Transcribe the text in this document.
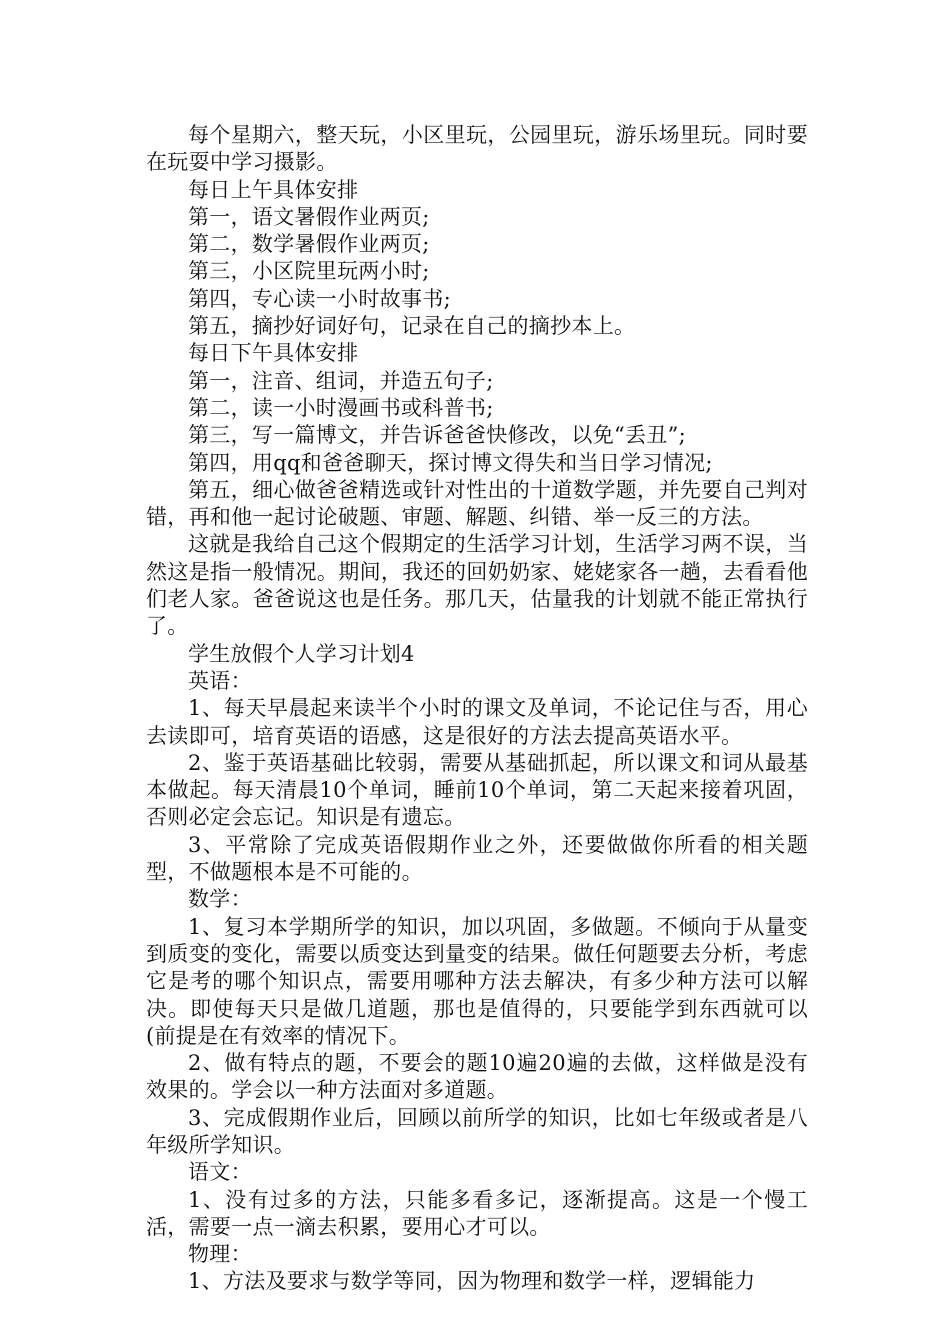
每个星期六，整天玩，小区里玩，公园里玩，游乐场里玩。同时要在玩耍中学习摄影。

每日上午具体安排

第一，语文暑假作业两页;

第二，数学暑假作业两页;

第三，小区院里玩两小时;

第四，专心读一小时故事书;

第五，摘抄好词好句，记录在自己的摘抄本上。

每日下午具体安排

第一，注音、组词，并造五句子;

第二，读一小时漫画书或科普书;

第三，写一篇博文，并告诉爸爸快修改，以免“丢丑”;

第四，用qq和爸爸聊天，探讨博文得失和当日学习情况;

第五，细心做爸爸精选或针对性出的十道数学题，并先要自己判对错，再和他一起讨论破题、审题、解题、纠错、举一反三的方法。

这就是我给自己这个假期定的生活学习计划，生活学习两不误，当然这是指一般情况。期间，我还的回奶奶家、姥姥家各一趟，去看看他们老人家。爸爸说这也是任务。那几天，估量我的计划就不能正常执行了。

学生放假个人学习计划4

英语：

1、每天早晨起来读半个小时的课文及单词，不论记住与否，用心去读即可，培育英语的语感，这是很好的方法去提高英语水平。

2、鉴于英语基础比较弱，需要从基础抓起，所以课文和词从最基本做起。每天清晨10个单词，睡前10个单词，第二天起来接着巩固，否则必定会忘记。知识是有遗忘。

3、平常除了完成英语假期作业之外，还要做做你所看的相关题型，不做题根本是不可能的。

数学：

1、复习本学期所学的知识，加以巩固，多做题。不倾向于从量变到质变的变化，需要以质变达到量变的结果。做任何题要去分析，考虑它是考的哪个知识点，需要用哪种方法去解决，有多少种方法可以解决。即使每天只是做几道题，那也是值得的，只要能学到东西就可以(前提是在有效率的情况下。

2、做有特点的题，不要会的题10遍20遍的去做，这样做是没有效果的。学会以一种方法面对多道题。

3、完成假期作业后，回顾以前所学的知识，比如七年级或者是八年级所学知识。

语文：

1、没有过多的方法，只能多看多记，逐渐提高。这是一个慢工活，需要一点一滴去积累，要用心才可以。

物理：

1、方法及要求与数学等同，因为物理和数学一样，逻辑能力
